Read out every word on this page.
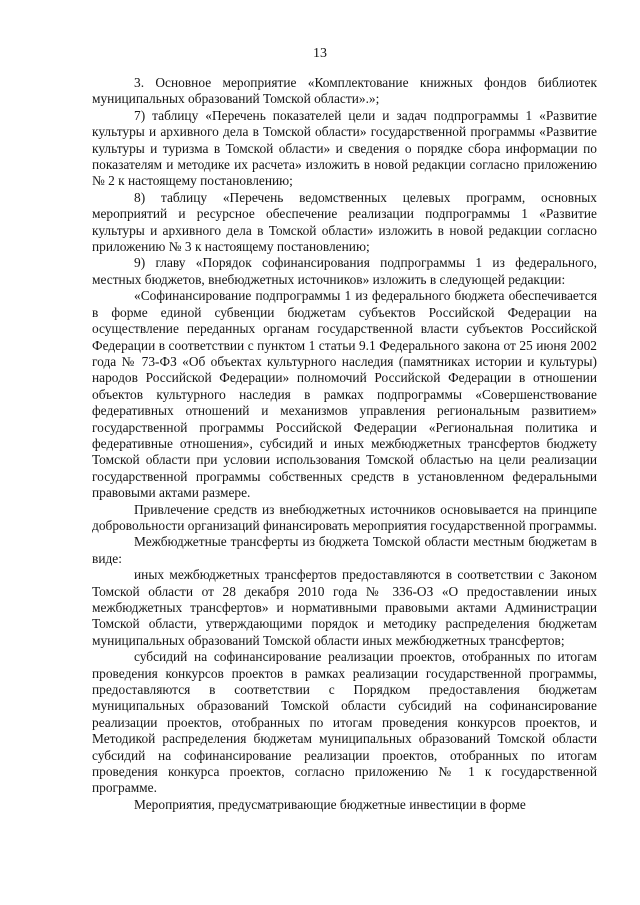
13

3. Основное мероприятие «Комплектование книжных фондов библиотек муниципальных образований Томской области».»;

7) таблицу «Перечень показателей цели и задач подпрограммы 1 «Развитие культуры и архивного дела в Томской области» государственной программы «Развитие культуры и туризма в Томской области» и сведения о порядке сбора информации по показателям и методике их расчета» изложить в новой редакции согласно приложению № 2 к настоящему постановлению;

8) таблицу «Перечень ведомственных целевых программ, основных мероприятий и ресурсное обеспечение реализации подпрограммы 1 «Развитие культуры и архивного дела в Томской области» изложить в новой редакции согласно приложению № 3 к настоящему постановлению;

9) главу «Порядок софинансирования подпрограммы 1 из федерального, местных бюджетов, внебюджетных источников» изложить в следующей редакции:

«Софинансирование подпрограммы 1 из федерального бюджета обеспечивается в форме единой субвенции бюджетам субъектов Российской Федерации на осуществление переданных органам государственной власти субъектов Российской Федерации в соответствии с пунктом 1 статьи 9.1 Федерального закона от 25 июня 2002 года № 73-ФЗ «Об объектах культурного наследия (памятниках истории и культуры) народов Российской Федерации» полномочий Российской Федерации в отношении объектов культурного наследия в рамках подпрограммы «Совершенствование федеративных отношений и механизмов управления региональным развитием» государственной программы Российской Федерации «Региональная политика и федеративные отношения», субсидий и иных межбюджетных трансфертов бюджету Томской области при условии использования Томской областью на цели реализации государственной программы собственных средств в установленном федеральными правовыми актами размере.

Привлечение средств из внебюджетных источников основывается на принципе добровольности организаций финансировать мероприятия государственной программы.

Межбюджетные трансферты из бюджета Томской области местным бюджетам в виде:

иных межбюджетных трансфертов предоставляются в соответствии с Законом Томской области от 28 декабря 2010 года № 336-ОЗ «О предоставлении иных межбюджетных трансфертов» и нормативными правовыми актами Администрации Томской области, утверждающими порядок и методику распределения бюджетам муниципальных образований Томской области иных межбюджетных трансфертов;

субсидий на софинансирование реализации проектов, отобранных по итогам проведения конкурсов проектов в рамках реализации государственной программы, предоставляются в соответствии с Порядком предоставления бюджетам муниципальных образований Томской области субсидий на софинансирование реализации проектов, отобранных по итогам проведения конкурсов проектов, и Методикой распределения бюджетам муниципальных образований Томской области субсидий на софинансирование реализации проектов, отобранных по итогам проведения конкурса проектов, согласно приложению № 1 к государственной программе.

Мероприятия, предусматривающие бюджетные инвестиции в форме
